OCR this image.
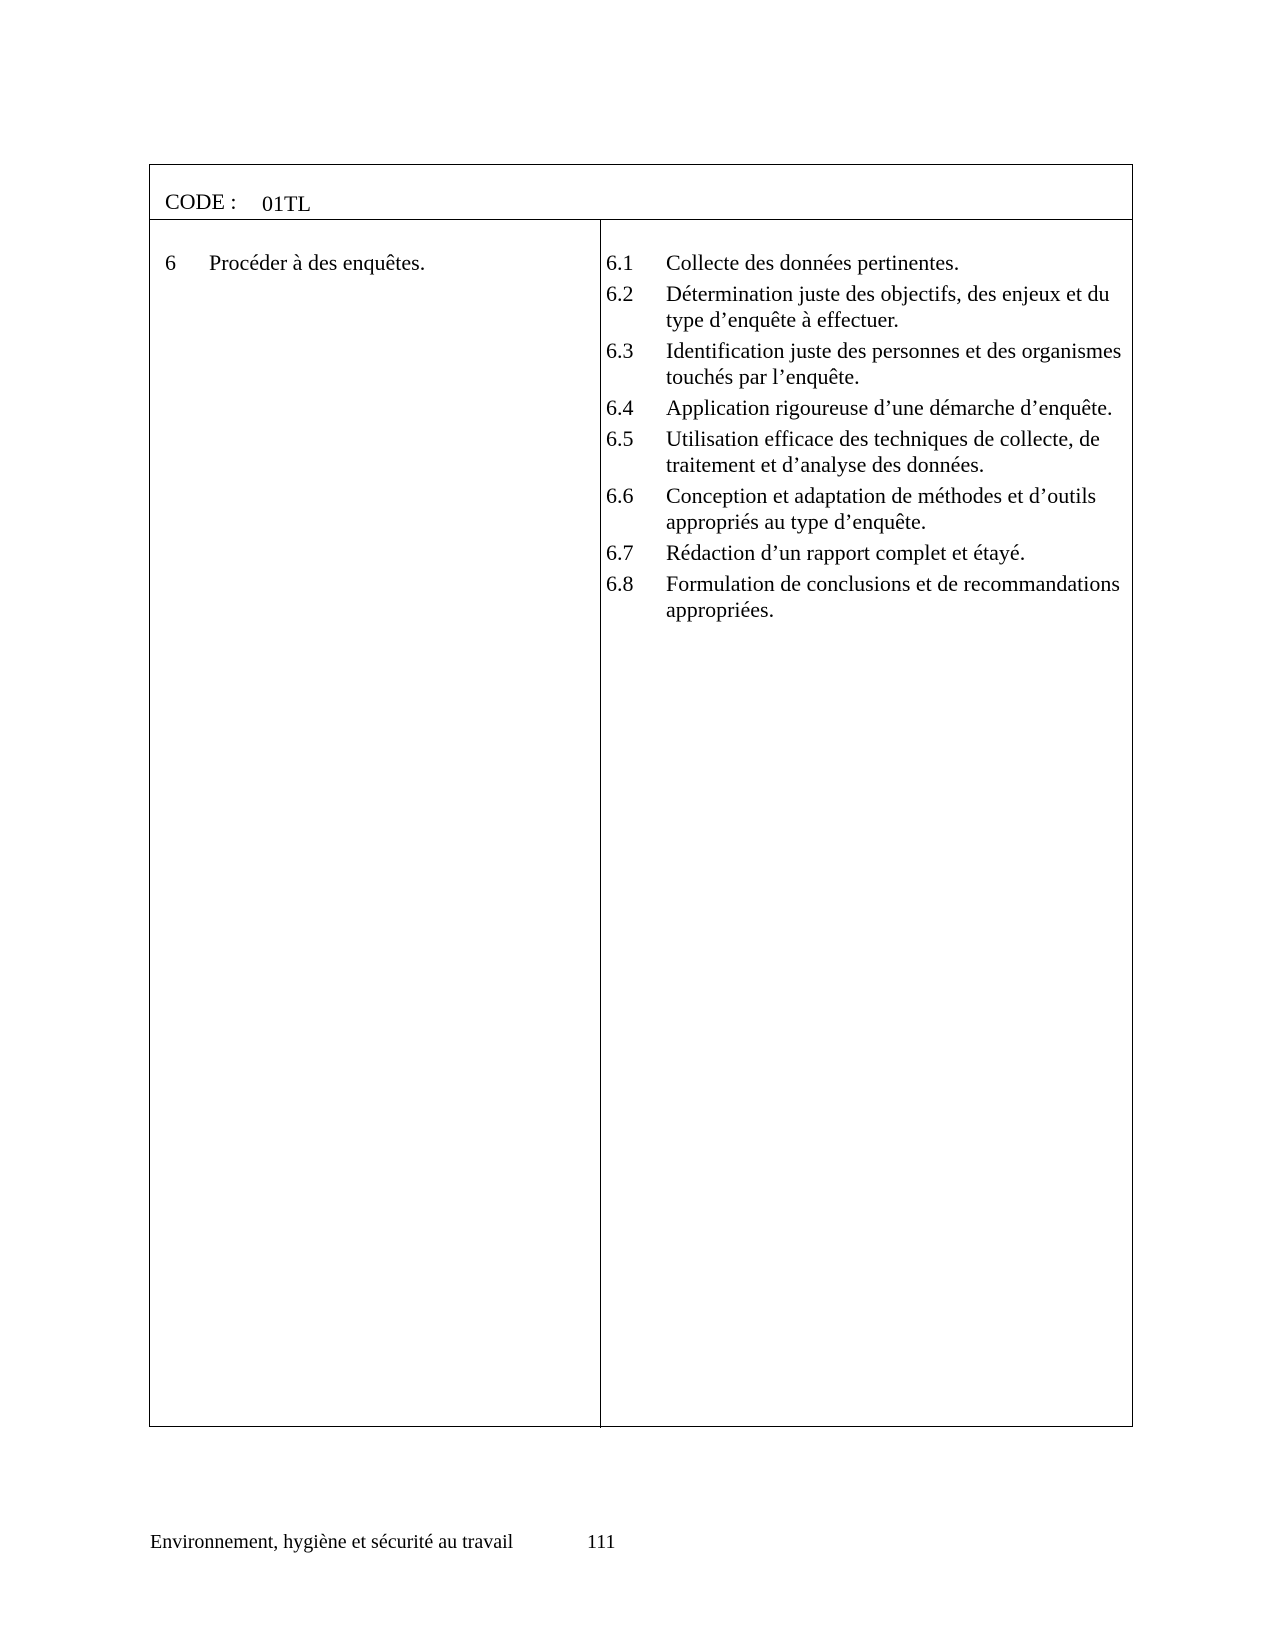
CODE : 01TL
6	Procéder à des enquêtes.	6.1	Collecte des données pertinentes.
6.2	Détermination juste des objectifs, des enjeux et du type d’enquête à effectuer.
6.3	Identification juste des personnes et des organismes touchés par l’enquête.
6.4	Application rigoureuse d’une démarche d’enquête.
6.5	Utilisation efficace des techniques de collecte, de traitement et d’analyse des données.
6.6	Conception et adaptation de méthodes et d’outils appropriés au type d’enquête.
6.7	Rédaction d’un rapport complet et étayé.
6.8	Formulation de conclusions et de recommandations appropriées.
Environnement, hygiène et sécurité au travail	111
